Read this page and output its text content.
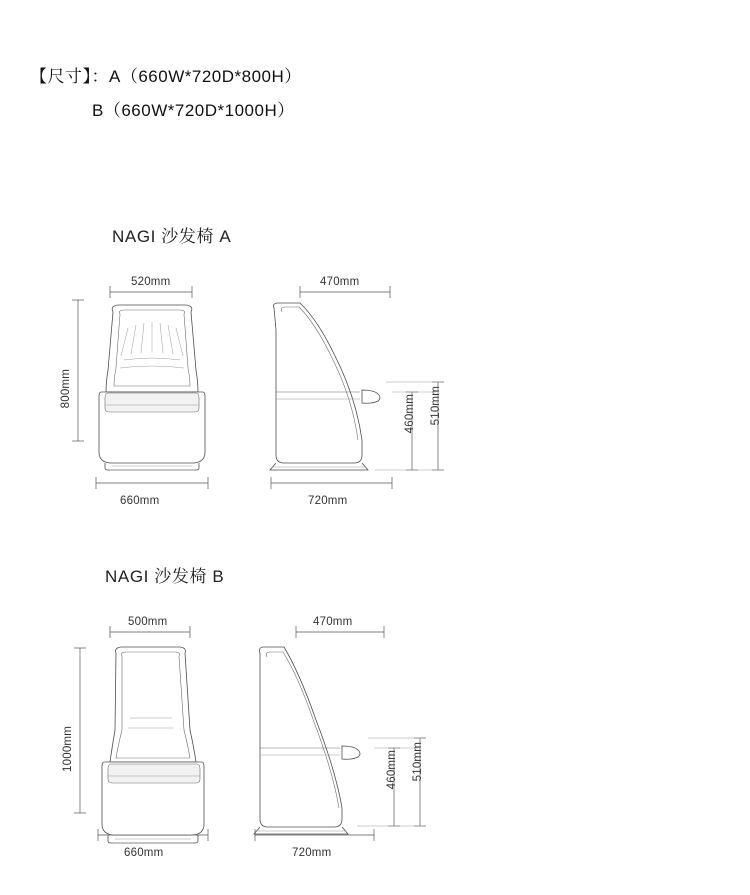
【尺寸】：A（660W*720D*800H）
B（660W*720D*1000H）
NAGI 沙发椅 A
520mm
800mm
660mm
470mm
460mm 510mm
720mm
NAGI 沙发椅 B
500mm
1000mm
660mm
470mm
460mm 510mm
720mm
